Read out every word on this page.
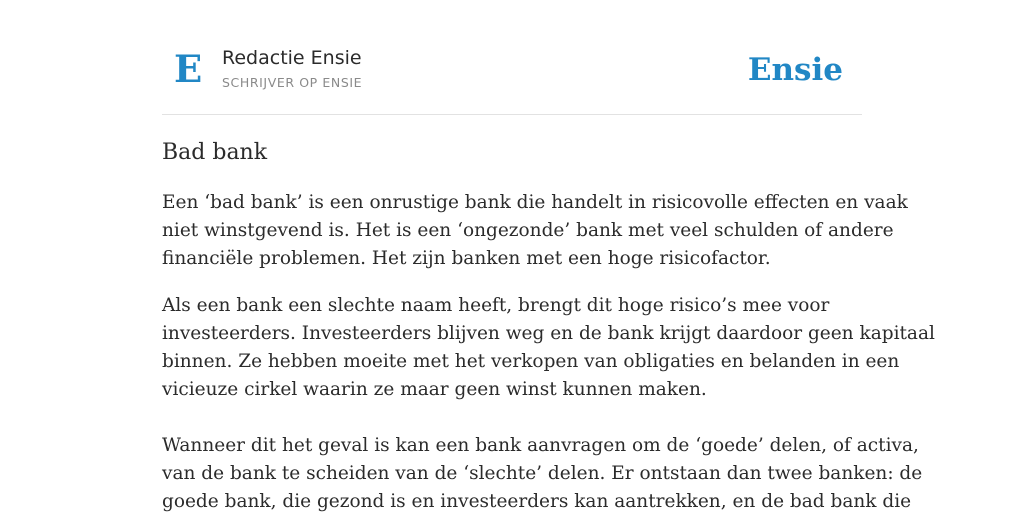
E Redactie Ensie
SCHRIJVER OP ENSIE	Ensie
Bad bank

Een ‘bad bank’ is een onrustige bank die handelt in risicovolle effecten en vaak
niet winstgevend is. Het is een ‘ongezonde’ bank met veel schulden of andere
financiële problemen. Het zijn banken met een hoge risicofactor.

Als een bank een slechte naam heeft, brengt dit hoge risico’s mee voor
investeerders. Investeerders blijven weg en de bank krijgt daardoor geen kapitaal
binnen. Ze hebben moeite met het verkopen van obligaties en belanden in een
vicieuze cirkel waarin ze maar geen winst kunnen maken.

Wanneer dit het geval is kan een bank aanvragen om de ‘goede’ delen, of activa,
van de bank te scheiden van de ‘slechte’ delen. Er ontstaan dan twee banken: de
goede bank, die gezond is en investeerders kan aantrekken, en de bad bank die
